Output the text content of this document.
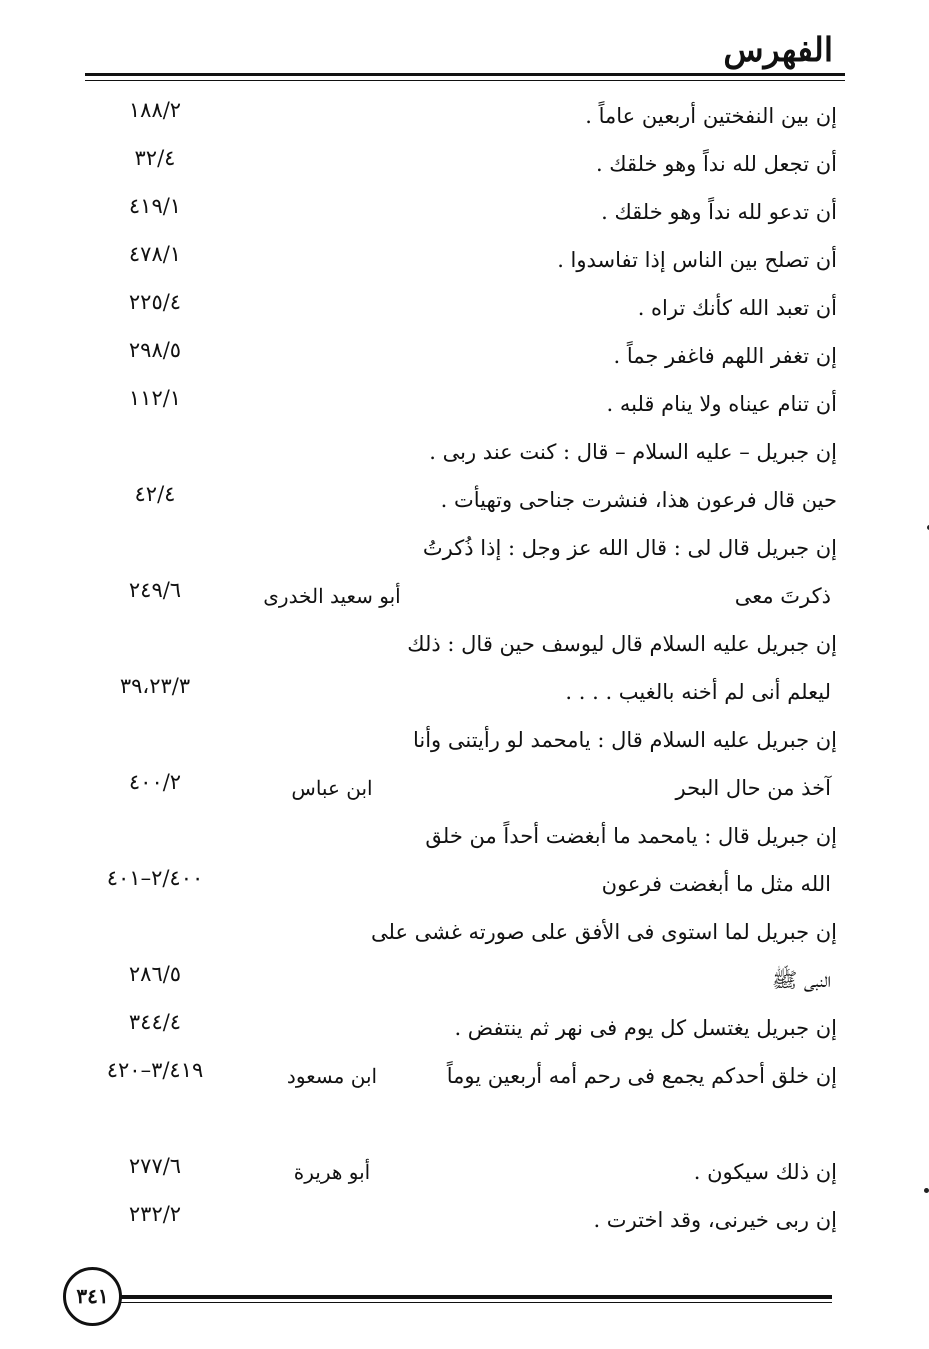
الفهرس
إن بين النفختين أربعين عاماً .
١٨٨/٢
أن تجعل لله نداً وهو خلقك .
٣٢/٤
أن تدعو لله نداً وهو خلقك .
٤١٩/١
أن تصلح بين الناس إذا تفاسدوا .
٤٧٨/١
أن تعبد الله كأنك تراه .
٢٢٥/٤
إن تغفر اللهم فاغفر جماً .
٢٩٨/٥
أن تنام عيناه ولا ينام قلبه .
١١٢/١
إن جبريل – عليه السلام – قال : كنت عند ربى .
حين قال فرعون هذا، فنشرت جناحى وتهيأت .
٤٢/٤
إن جبريل قال لى : قال الله عز وجل : إذا ذُكرتُ
ذكرتَ معى
أبو سعيد الخدرى
٢٤٩/٦
إن جبريل عليه السلام قال ليوسف حين قال : ذلك
ليعلم أنى لم أخنه بالغيب . . . .
٣٩،٢٣/٣
إن جبريل عليه السلام قال : يامحمد لو رأيتنى وأنا
آخذ من حال البحر
ابن عباس
٤٠٠/٢
إن جبريل قال : يامحمد ما أبغضت أحداً من خلق
الله مثل ما أبغضت فرعون
٢/٤٠٠–٤٠١
إن جبريل لما استوى فى الأفق على صورته غشى على
النبى ﷺ
٢٨٦/٥
إن جبريل يغتسل كل يوم فى نهر ثم ينتفض .
٣٤٤/٤
إن خلق أحدكم يجمع فى رحم أمه أربعين يوماً
ابن مسعود
٣/٤١٩–٤٢٠
إن ذلك سيكون .
أبو هريرة
٢٧٧/٦
إن ربى خيرنى، وقد اخترت .
٢٣٢/٢
٣٤١
